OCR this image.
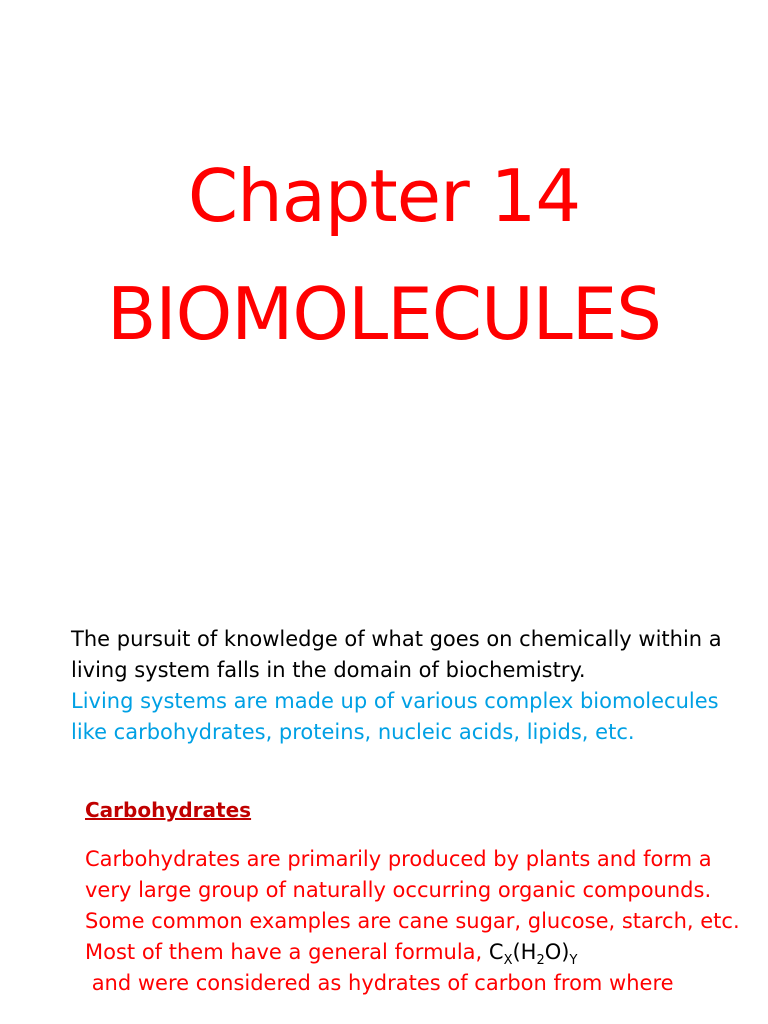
Chapter 14
BIOMOLECULES
The pursuit of knowledge of what goes on chemically within a living system falls in the domain of biochemistry.
Living systems are made up of various complex biomolecules like carbohydrates, proteins, nucleic acids, lipids, etc.
Carbohydrates
Carbohydrates are primarily produced by plants and form a very large group of naturally occurring organic compounds.
Some common examples are cane sugar, glucose, starch, etc. Most of them have a general formula, $C_X(H_2O)_Y$
and were considered as hydrates of carbon from where
